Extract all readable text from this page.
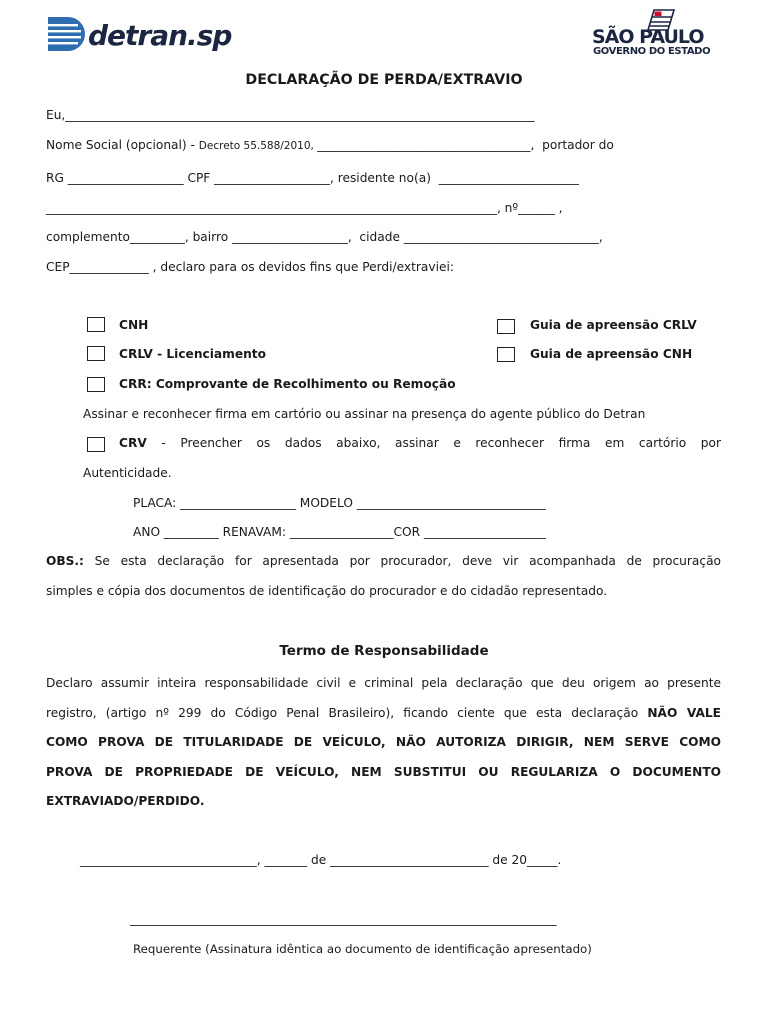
detran.sp	SÃO PAULO
GOVERNO DO ESTADO
DECLARAÇÃO DE PERDA/EXTRAVIO
Eu,_____________________________________________________________________________
Nome Social (opcional) - Decreto 55.588/2010, ___________________________________,  portador do
RG ___________________ CPF ___________________, residente no(a)  _______________________
__________________________________________________________________________, nº______ ,
complemento_________, bairro ___________________,  cidade ________________________________,
CEP_____________ , declaro para os devidos fins que Perdi/extraviei:
CNH	Guia de apreensão CRLV
CRLV - Licenciamento	Guia de apreensão CNH
CRR: Comprovante de Recolhimento ou Remoção
Assinar e reconhecer firma em cartório ou assinar na presença do agente público do Detran
CRV - Preencher os dados abaixo, assinar e reconhecer firma em cartório por
Autenticidade.
PLACA: ___________________ MODELO _______________________________
ANO _________ RENAVAM: _________________COR ____________________
OBS.: Se esta declaração for apresentada por procurador, deve vir acompanhada de procuração
simples e cópia dos documentos de identificação do procurador e do cidadão representado.
Termo de Responsabilidade
Declaro assumir inteira responsabilidade civil e criminal pela declaração que deu origem ao presente
registro, (artigo nº 299 do Código Penal Brasileiro), ficando ciente que esta declaração NÃO VALE
COMO PROVA DE TITULARIDADE DE VEÍCULO, NÃO AUTORIZA DIRIGIR, NEM SERVE COMO
PROVA DE PROPRIEDADE DE VEÍCULO, NEM SUBSTITUI OU REGULARIZA O DOCUMENTO
EXTRAVIADO/PERDIDO.
_____________________________, _______ de __________________________ de 20_____.
______________________________________________________________________
Requerente (Assinatura idêntica ao documento de identificação apresentado)
